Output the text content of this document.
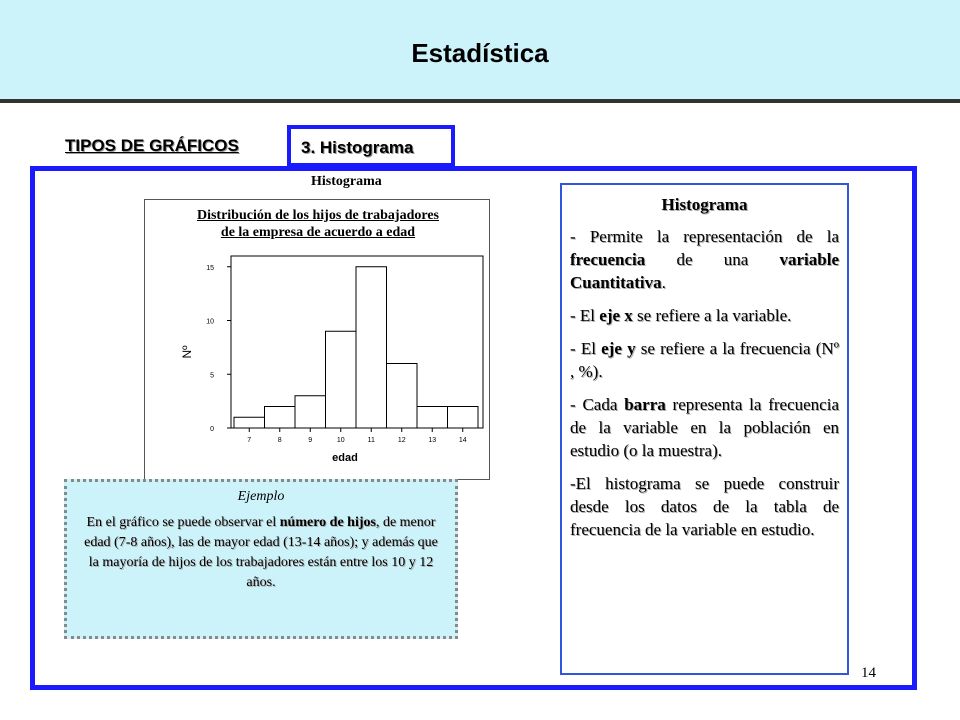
Estadística
TIPOS DE GRÁFICOS	3. Histograma
Histograma
Distribución de los hijos de trabajadores
de la empresa de acuerdo a edad
7	8	9	10	11	12	13	14
0
5
10
15
edad
Nº
Ejemplo
En el gráfico se puede observar el número de hijos, de menor edad (7-8 años), las de mayor edad (13-14 años); y además que la mayoría de hijos de los trabajadores están entre los 10 y 12 años.
Histograma
- Permite la representación de la frecuencia de una variable Cuantitativa.
- El eje x se refiere a la variable.
- El eje y se refiere a la frecuencia (Nº , %).
- Cada barra representa la frecuencia de la variable en la población en estudio (o la muestra).
-El histograma se puede construir desde los datos de la tabla de frecuencia de la variable en estudio.
14
